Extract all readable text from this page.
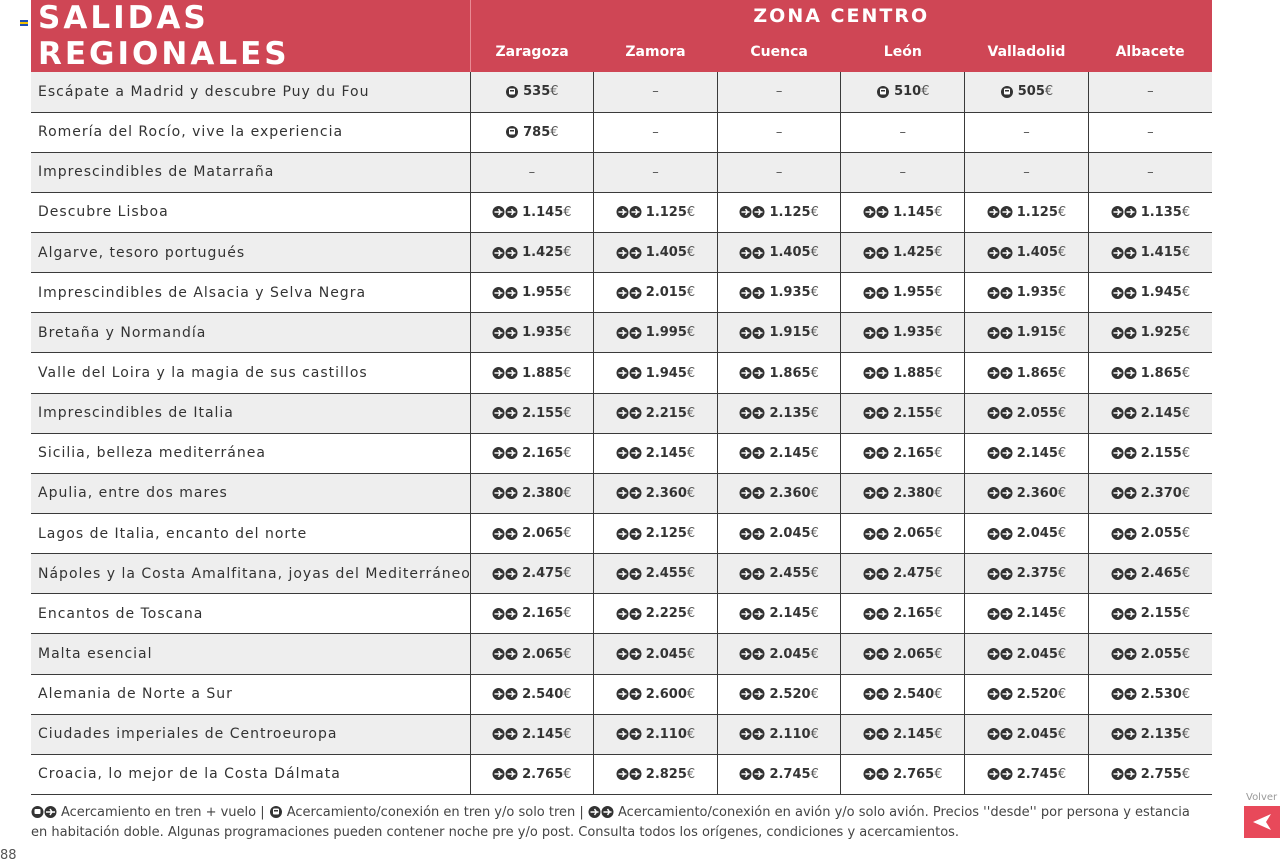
SALIDAS REGIONALES	ZONA CENTRO					
	Zaragoza	Zamora	Cuenca	León	Valladolid	Albacete
Escápate a Madrid y descubre Puy du Fou	535€	–	–	510€	505€	–
Romería del Rocío, vive la experiencia	785€	–	–	–	–	–
Imprescindibles de Matarraña	–	–	–	–	–	–
Descubre Lisboa	1.145€	1.125€	1.125€	1.145€	1.125€	1.135€
Algarve, tesoro portugués	1.425€	1.405€	1.405€	1.425€	1.405€	1.415€
Imprescindibles de Alsacia y Selva Negra	1.955€	2.015€	1.935€	1.955€	1.935€	1.945€
Bretaña y Normandía	1.935€	1.995€	1.915€	1.935€	1.915€	1.925€
Valle del Loira y la magia de sus castillos	1.885€	1.945€	1.865€	1.885€	1.865€	1.865€
Imprescindibles de Italia	2.155€	2.215€	2.135€	2.155€	2.055€	2.145€
Sicilia, belleza mediterránea	2.165€	2.145€	2.145€	2.165€	2.145€	2.155€
Apulia, entre dos mares	2.380€	2.360€	2.360€	2.380€	2.360€	2.370€
Lagos de Italia, encanto del norte	2.065€	2.125€	2.045€	2.065€	2.045€	2.055€
Nápoles y la Costa Amalfitana, joyas del Mediterráneo	2.475€	2.455€	2.455€	2.475€	2.375€	2.465€
Encantos de Toscana	2.165€	2.225€	2.145€	2.165€	2.145€	2.155€
Malta esencial	2.065€	2.045€	2.045€	2.065€	2.045€	2.055€
Alemania de Norte a Sur	2.540€	2.600€	2.520€	2.540€	2.520€	2.530€
Ciudades imperiales de Centroeuropa	2.145€	2.110€	2.110€	2.145€	2.045€	2.135€
Croacia, lo mejor de la Costa Dálmata	2.765€	2.825€	2.745€	2.765€	2.745€	2.755€
Acercamiento en tren + vuelo | Acercamiento/conexión en tren y/o solo tren |	Acercamiento/conexión en avión y/o solo avión. Precios ''desde'' por persona y estancia en habitación doble. Algunas programaciones pueden contener noche pre y/o post. Consulta todos los orígenes, condiciones y acercamientos.
88
Volver
